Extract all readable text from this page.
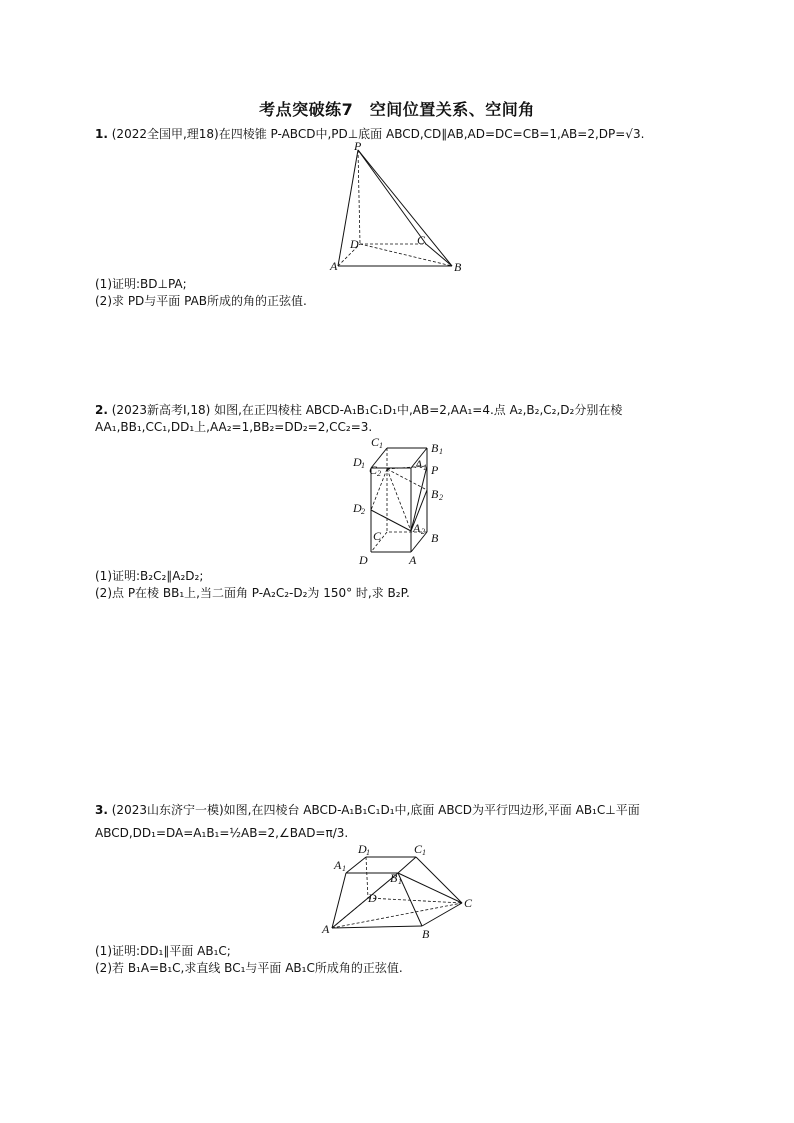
考点突破练7　空间位置关系、空间角
1. (2022全国甲,理18)在四棱锥 P-ABCD中,PD⊥底面 ABCD,CD∥AB,AD=DC=CB=1,AB=2,DP=√3.
P
A	B
C
D
(1)证明:BD⊥PA;
(2)求 PD与平面 PAB所成的角的正弦值.
2. (2023新高考Ⅰ,18) 如图,在正四棱柱 ABCD-A₁B₁C₁D₁中,AB=2,AA₁=4.点 A₂,B₂,C₂,D₂分别在棱
AA₁,BB₁,CC₁,DD₁上,AA₂=1,BB₂=DD₂=2,CC₂=3.
C 1	B 1
D 1	A 1
C 2	P
B 2
D 2
A 2
C	B
D	A
(1)证明:B₂C₂∥A₂D₂;
(2)点 P在棱 BB₁上,当二面角 P-A₂C₂-D₂为 150° 时,求 B₂P.
3. (2023山东济宁一模)如图,在四棱台 ABCD-A₁B₁C₁D₁中,底面 ABCD为平行四边形,平面 AB₁C⊥平面
ABCD,DD₁=DA=A₁B₁=½AB=2,∠BAD=π/3.
D 1	C 1
A 1
B 1
D	C
A	B
(1)证明:DD₁∥平面 AB₁C;
(2)若 B₁A=B₁C,求直线 BC₁与平面 AB₁C所成角的正弦值.
